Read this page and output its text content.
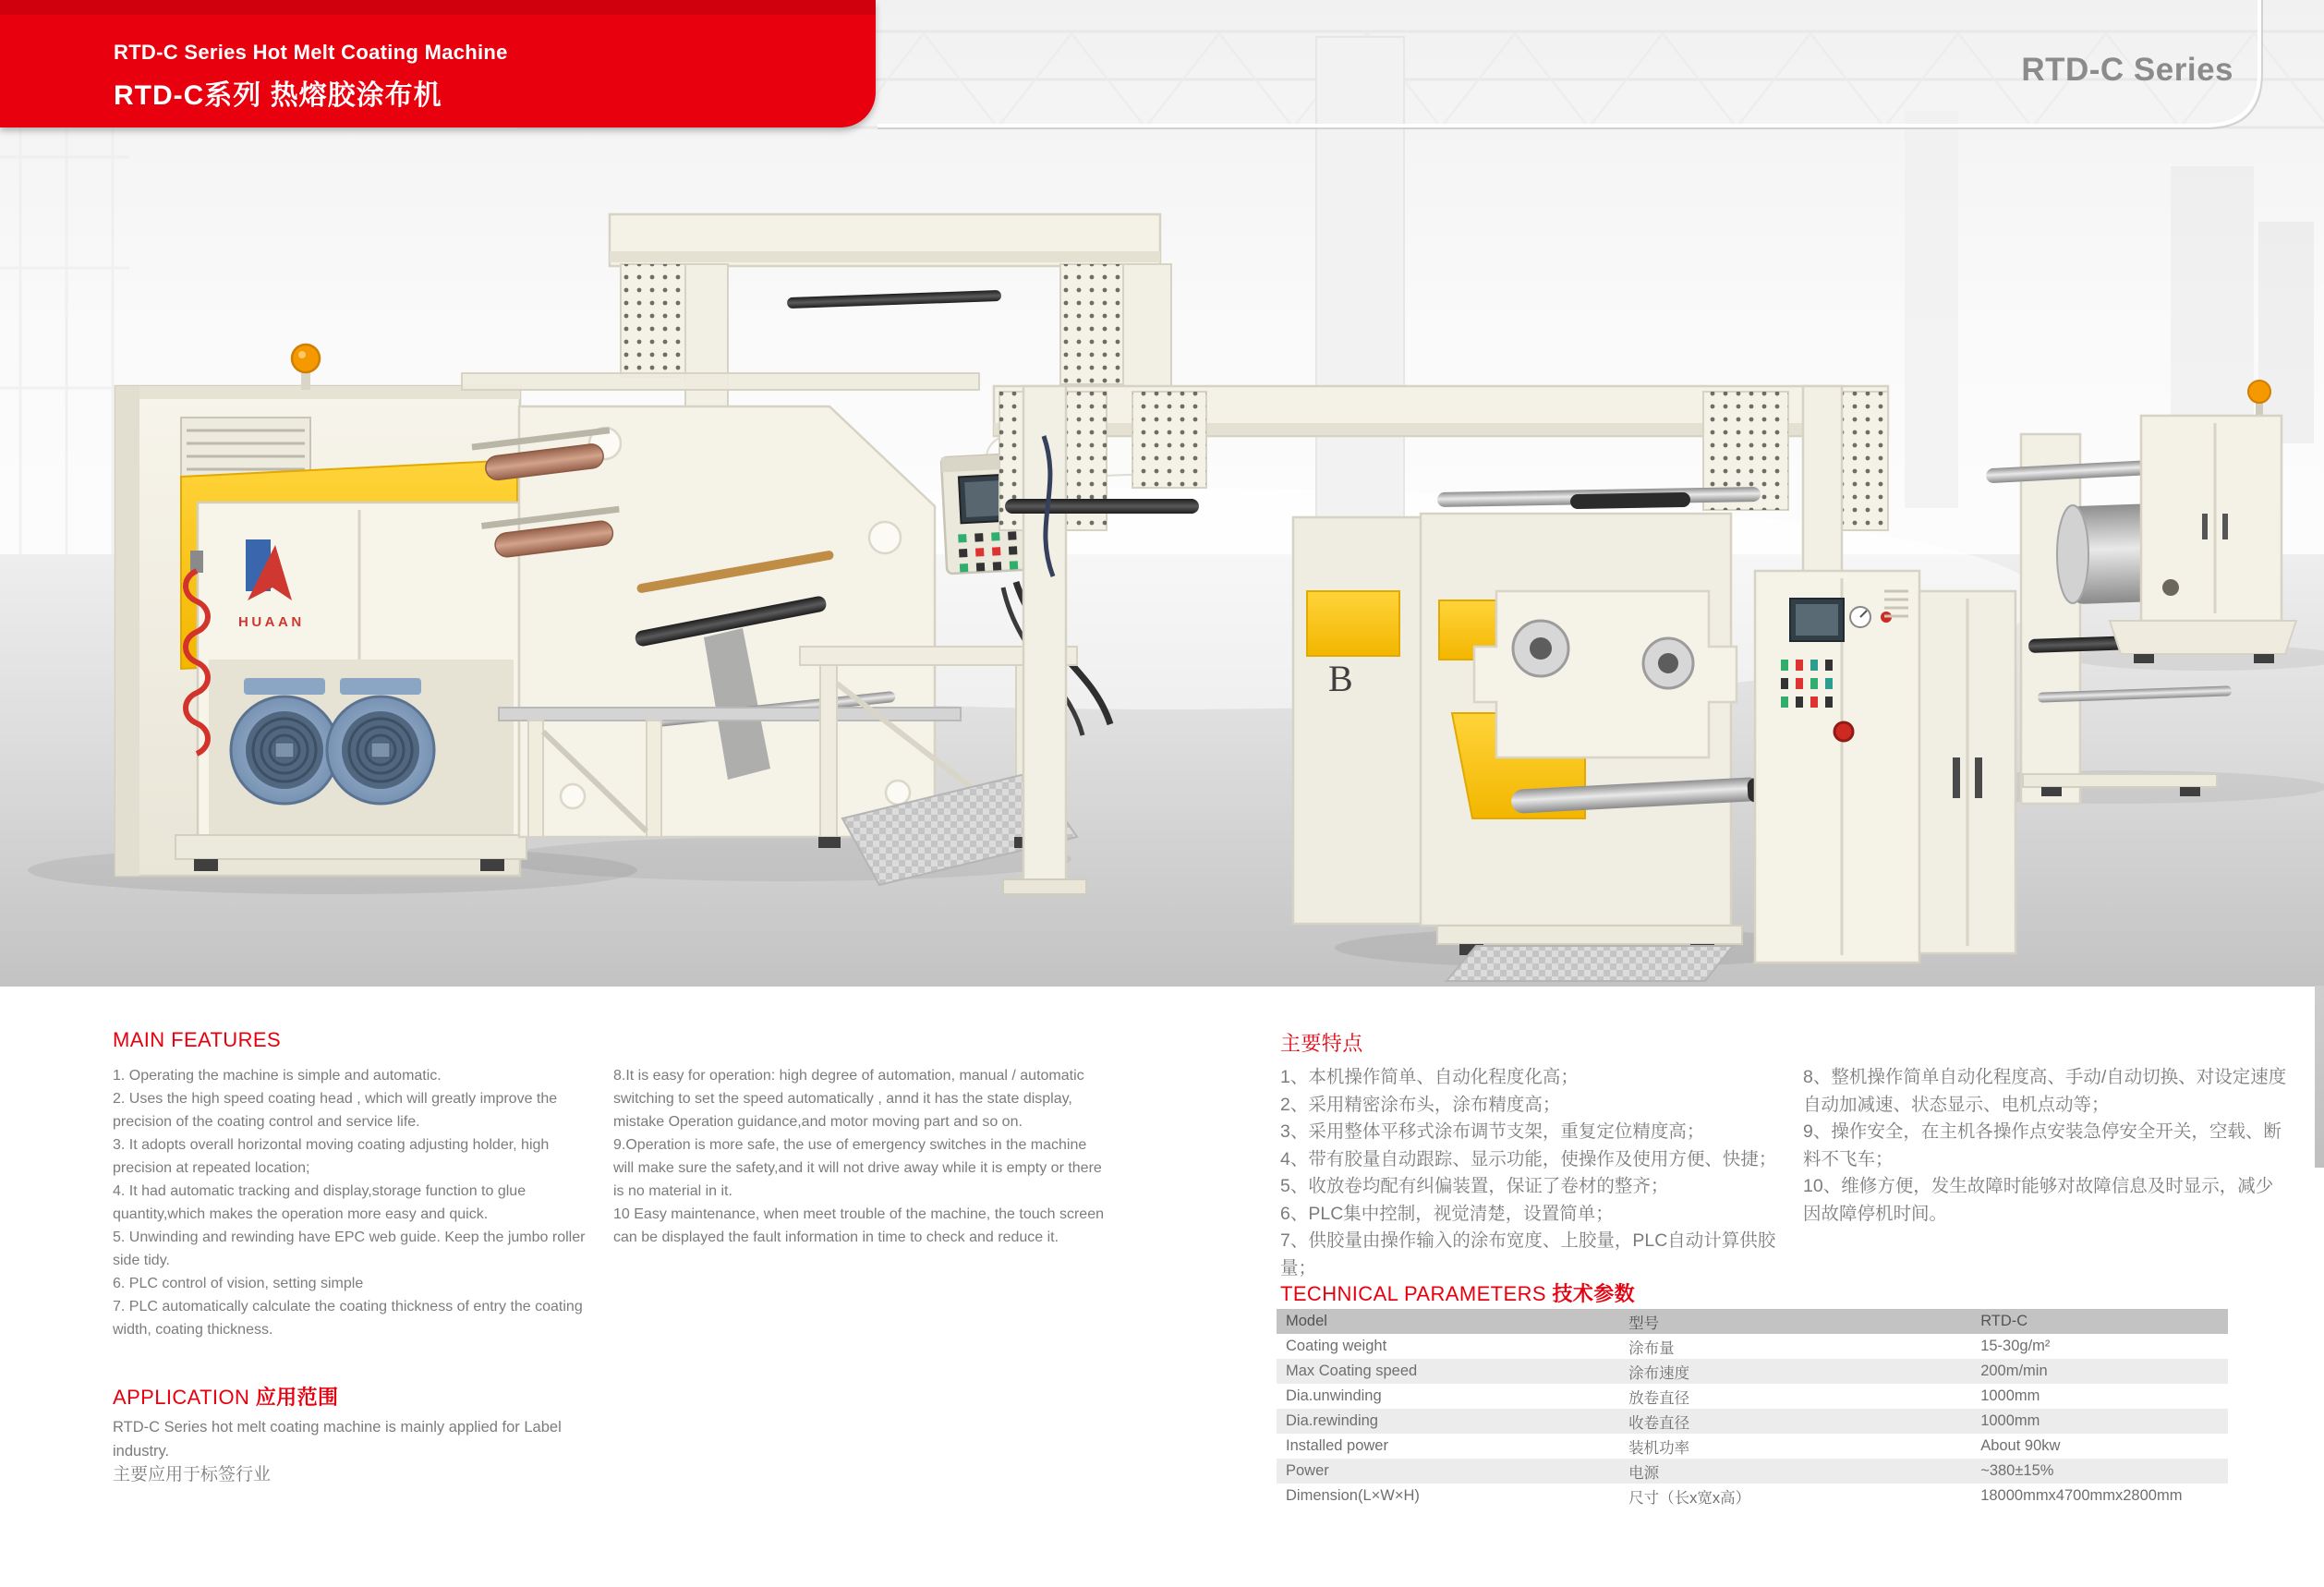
HUAAN
B
RTD-C Series Hot Melt Coating Machine
RTD-C系列 热熔胶涂布机
RTD-C Series
MAIN FEATURES
1. Operating the machine is simple and automatic.
2. Uses the high speed coating head , which will greatly improve the precision of the coating control and service life.
3. It adopts overall horizontal moving coating adjusting holder, high precision at repeated location;
4. It had automatic tracking and display,storage function to glue quantity,which makes the operation more easy and quick.
5. Unwinding and rewinding have EPC web guide. Keep the jumbo roller side tidy.
6. PLC control of vision, setting simple
7. PLC automatically calculate the coating thickness of entry the coating width, coating thickness.
8.It is easy for operation: high degree of automation, manual / automatic switching to set the speed automatically , annd it has the state display, mistake Operation guidance,and motor moving part and so on.
9.Operation is more safe, the use of emergency switches in the machine will make sure the safety,and it will not drive away while it is empty or there is no material in it.
10 Easy maintenance, when meet trouble of the machine, the touch screen can be displayed the fault information in time to check and reduce it.
主要特点
1、本机操作简单、自动化程度化高；
2、采用精密涂布头，涂布精度高；
3、采用整体平移式涂布调节支架，重复定位精度高；
4、带有胶量自动跟踪、显示功能，使操作及使用方便、快捷；
5、收放卷均配有纠偏装置，保证了卷材的整齐；
6、PLC集中控制，视觉清楚，设置简单；
7、供胶量由操作输入的涂布宽度、上胶量，PLC自动计算供胶量；
8、整机操作简单自动化程度高、手动/自动切换、对设定速度自动加减速、状态显示、电机点动等；
9、操作安全，在主机各操作点安装急停安全开关，空载、断料不飞车；
10、维修方便，发生故障时能够对故障信息及时显示，减少因故障停机时间。
APPLICATION 应用范围
RTD-C Series hot melt coating machine is mainly applied for Label industry.
主要应用于标签行业
TECHNICAL PARAMETERS 技术参数
Model	型号	RTD-C
Coating weight	涂布量	15-30g/m²
Max Coating speed	涂布速度	200m/min
Dia.unwinding	放卷直径	1000mm
Dia.rewinding	收卷直径	1000mm
Installed power	装机功率	About 90kw
Power	电源	~380±15%
Dimension(L×W×H)	尺寸（长x宽x高）	18000mmx4700mmx2800mm
